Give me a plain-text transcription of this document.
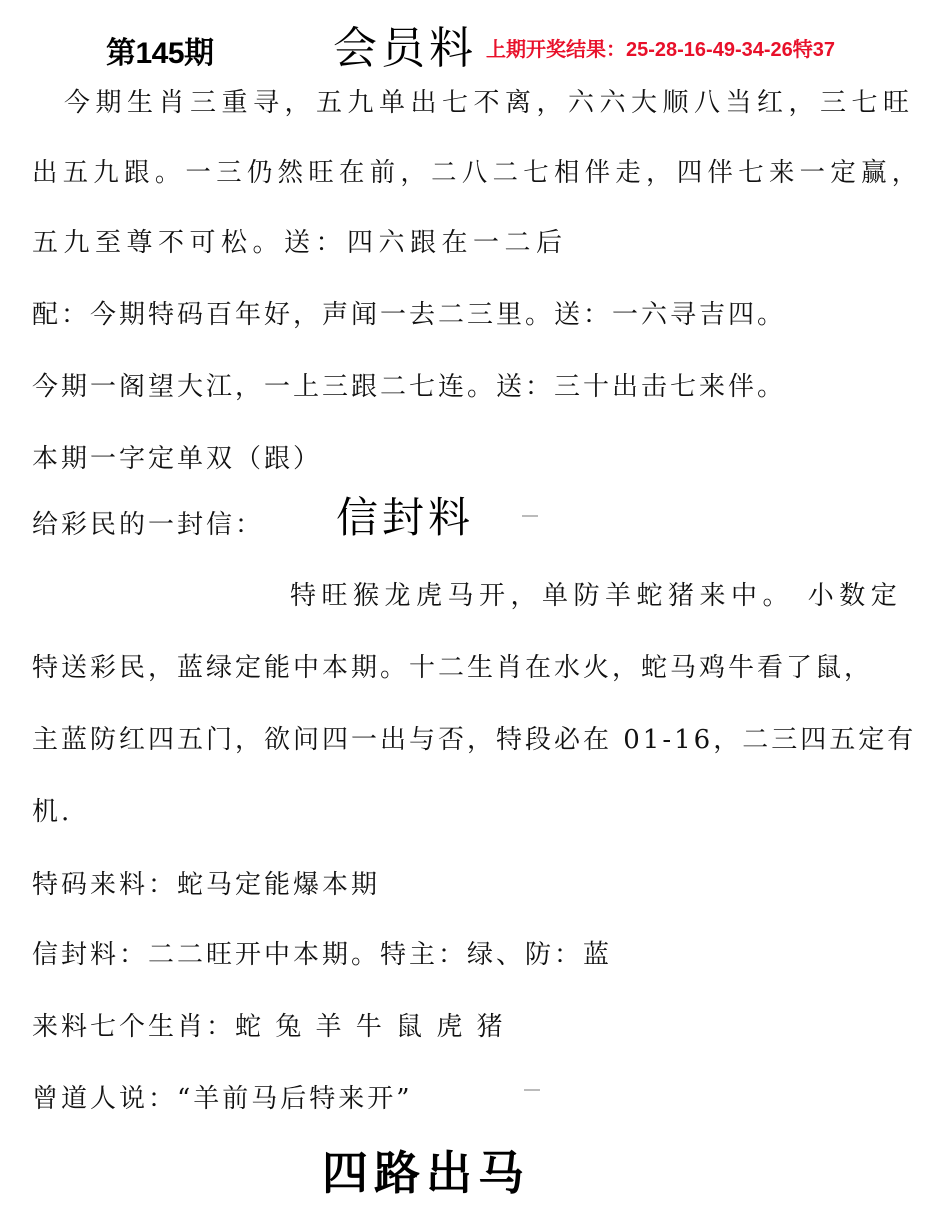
第145期	会员料 上期开奖结果：25-28-16-49-34-26特37
今期生肖三重寻，五九单出七不离，六六大顺八当红，三七旺
出五九跟。一三仍然旺在前，二八二七相伴走，四伴七来一定赢，
五九至尊不可松。送：四六跟在一二后
配：今期特码百年好，声闻一去二三里。送：一六寻吉四。
今期一阁望大江，一上三跟二七连。送：三十出击七来伴。
本期一字定单双（跟）
给彩民的一封信： 信封料
特旺猴龙虎马开，单防羊蛇猪来中。 小数定
特送彩民，蓝绿定能中本期。十二生肖在水火，蛇马鸡牛看了鼠，
主蓝防红四五门，欲问四一出与否，特段必在 01-16，二三四五定有
机.
特码来料：蛇马定能爆本期
信封料：二二旺开中本期。特主：绿、防：蓝
来料七个生肖：蛇 兔 羊 牛 鼠 虎 猪
曾道人说：“羊前马后特来开”
四路出马
